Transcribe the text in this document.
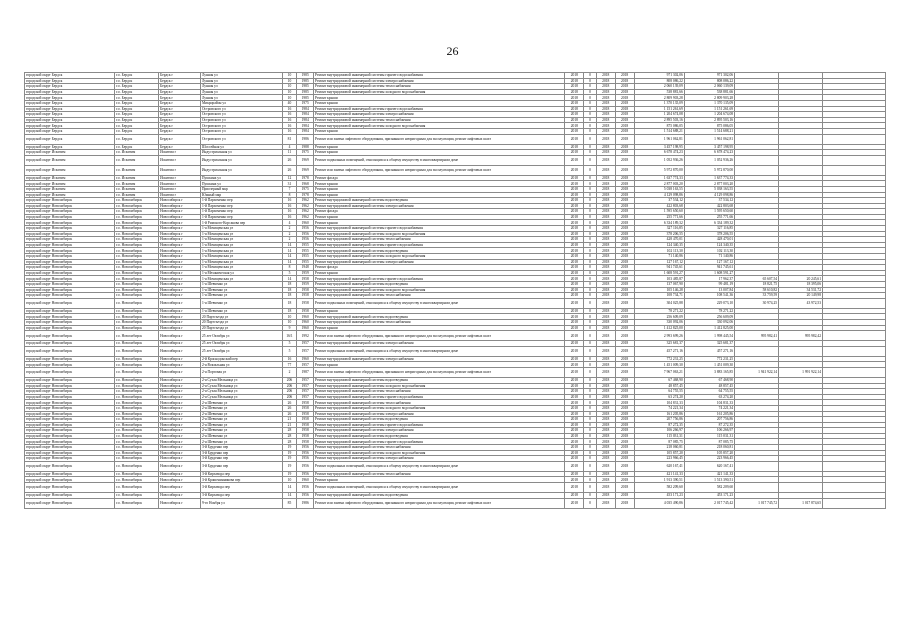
26
городской округ Бердск	г.о. Бердск	Бердск г	Лунная ул	10	1985	Ремонт внутридомовой инженерной системы горячего водоснабжения	2018	0	2018	2018	971 302,06	971 302,06			
городской округ Бердск	г.о. Бердск	Бердск г	Лунная ул	10	1985	Ремонт внутридомовой инженерной системы электроснабжения	2018	0	2018	2018	808 086,22	808 086,22			
городской округ Бердск	г.о. Бердск	Бердск г	Лунная ул	10	1985	Ремонт внутридомовой инженерной системы теплоснабжения	2018	0	2018	2018	2 060 139,09	2 060 139,09			
городской округ Бердск	г.о. Бердск	Бердск г	Лунная ул	10	1985	Ремонт внутридомовой инженерной системы холодного водоснабжения	2018	0	2018	2018	538 881,66	538 881,66			
городской округ Бердск	г.о. Бердск	Бердск г	Лунная ул	10	1985	Ремонт крыши	2018	0	2018	2018	2 809 903,28	2 809 903,28			
городской округ Бердск	г.о. Бердск	Бердск г	Микрорайон ул	40	1975	Ремонт крыши	2018	0	2018	2018	1 370 135,09	1 370 135,09			
городской округ Бердск	г.о. Бердск	Бердск г	Островского ул	16	1984	Ремонт внутридомовой инженерной системы горячего водоснабжения	2018	0	2018	2018	1 151 261,69	1 151 261,69			
городской округ Бердск	г.о. Бердск	Бердск г	Островского ул	16	1984	Ремонт внутридомовой инженерной системы электроснабжения	2018	0	2018	2018	1 204 674,08	1 204 674,08			
городской округ Бердск	г.о. Бердск	Бердск г	Островского ул	16	1984	Ремонт внутридомовой инженерной системы теплоснабжения	2018	0	2018	2018	2 895 503,16	2 895 503,16			
городской округ Бердск	г.о. Бердск	Бердск г	Островского ул	16	1984	Ремонт внутридомовой инженерной системы холодного водоснабжения	2018	0	2018	2018	875 086,05	875 086,05			
городской округ Бердск	г.о. Бердск	Бердск г	Островского ул	16	1984	Ремонт крыши	2018	0	2018	2018	1 514 688,21	1 514 688,21			
городской округ Бердск	г.о. Бердск	Бердск г	Островского ул	81	1986	Ремонт или замена лифтового оборудования, признанного непригодным для эксплуатации, ремонт лифтовых шахт	2018	0	2018	2018	1 961 062,81	1 961 062,81			
городской округ Бердск	г.о. Бердск	Бердск г	Шосcейная ул	4	1988	Ремонт крыши	2018	0	2018	2018	3 457 198,95	3 457 198,95			
городской округ Искитим	г.о. Искитим	Искитим г	Индустриальная ул	11	1975	Ремонт крыши	2018	0	2018	2018	6 678 474,23	6 678 474,23			
городской округ Искитим	г.о. Искитим	Искитим г	Индустриальная ул	26	1969	Ремонт подвальных помещений, относящихся к общему имуществу в многоквартирном доме	2018	0	2018	2018	1 052 936,26	1 052 936,26			
городской округ Искитим	г.о. Искитим	Искитим г	Индустриальная ул	26	1969	Ремонт или замена лифтового оборудования, признанного непригодным для эксплуатации, ремонт лифтовых шахт	2018	0	2018	2018	5 972 870,00	5 972 870,00			
городской округ Искитим	г.о. Искитим	Искитим г	Пушкина ул	12	1978	Ремонт фасада	2018	0	2018	2018	1 637 774,33	1 637 774,33			
городской округ Искитим	г.о. Искитим	Искитим г	Пушкина ул	31	1968	Ремонт крыши	2018	0	2018	2018	2 877 003,20	2 877 003,20			
городской округ Искитим	г.о. Искитим	Искитим г	Приозерный мкр	7	1975	Ремонт крыши	2018	0	2018	2018	5 038 163,55	5 038 163,55			
городской округ Искитим	г.о. Искитим	Искитим г	Южный мкр	8	1978	Ремонт крыши	2018	0	2018	2018	4 129 098,86	4 129 098,86			
городской округ Новосибирск	г.о. Новосибирск	Новосибирск г	1-й Пархоменко пер	16	1962	Ремонт внутридомовой инженерной системы водоотведения	2018	0	2018	2018	37 534,12	37 534,12			
городской округ Новосибирск	г.о. Новосибирск	Новосибирск г	1-й Пархоменко пер	16	1962	Ремонт внутридомовой инженерной системы электроснабжения	2018	0	2018	2018	422 803,68	422 803,68			
городской округ Новосибирск	г.о. Новосибирск	Новосибирск г	1-й Пархоменко пер	16	1962	Ремонт фасада	2018	0	2018	2018	1 595 650,60	1 595 650,60			
городской округ Новосибирск	г.о. Новосибирск	Новосибирск г	1-й Пархоменко пер	16	1962	Ремонт крыши	2018	0	2018	2018	255 771,66	255 771,66			
городской округ Новосибирск	г.о. Новосибирск	Новосибирск г	1-й Римского-Корсакова пер	4	1960	Ремонт крыши	2018	0	2018	2018	6 334 189,32	6 334 189,32			
городской округ Новосибирск	г.о. Новосибирск	Новосибирск г	1-я Мочищенская ул	2	1956	Ремонт внутридомовой инженерной системы горячего водоснабжения	2018	0	2018	2018	327 116,85	327 116,85			
городской округ Новосибирск	г.о. Новосибирск	Новосибирск г	1-я Мочищенская ул	2	1956	Ремонт внутридомовой инженерной системы холодного водоснабжения	2018	0	2018	2018	378 206,55	378 206,55			
городской округ Новосибирск	г.о. Новосибирск	Новосибирск г	1-я Мочищенская ул	2	1956	Ремонт внутридомовой инженерной системы теплоснабжения	2018	0	2018	2018	428 470,01	428 470,01			
городской округ Новосибирск	г.о. Новосибирск	Новосибирск г	1-я Мочищенская ул	14	1955	Ремонт внутридомовой инженерной системы горячего водоснабжения	2018	0	2018	2018	124 340,35	124 340,35			
городской округ Новосибирск	г.о. Новосибирск	Новосибирск г	1-я Мочищенская ул	14	1955	Ремонт внутридомовой инженерной системы водоотведения	2018	0	2018	2018	102 113,30	102 113,30			
городской округ Новосибирск	г.о. Новосибирск	Новосибирск г	1-я Мочищенская ул	14	1955	Ремонт внутридомовой инженерной системы холодного водоснабжения	2018	0	2018	2018	71 140,86	71 140,86			
городской округ Новосибирск	г.о. Новосибирск	Новосибирск г	1-я Мочищенская ул	14	1955	Ремонт внутридомовой инженерной системы электроснабжения	2018	0	2018	2018	127 167,12	127 167,12			
городской округ Новосибирск	г.о. Новосибирск	Новосибирск г	1-я Мочищенская ул	8	1948	Ремонт фасада	2018	0	2018	2018	941 745,61	941 745,61			
городской округ Новосибирск	г.о. Новосибирск	Новосибирск г	1-я Механическая ул	5	1959	Ремонт крыши	2018	0	2018	2018	1 608 591,27	1 608 591,27			
городской округ Новосибирск	г.о. Новосибирск	Новосибирск г	1-я Мочищенская ул	14	1958	Ремонт внутридомовой инженерной системы горячего водоснабжения	2018	0	2018	2018	103 485,87	17 962,37	65 607,54	20 245,61	
городской округ Новосибирск	г.о. Новосибирск	Новосибирск г	1-я Шевченко ул	18	1959	Ремонт внутридомовой инженерной системы водоотведения	2018	0	2018	2018	137 067,90	99 481,19	18 821,75	18 395,06	
городской округ Новосибирск	г.о. Новосибирск	Новосибирск г	1-я Шевченко ул	18	1958	Ремонт внутридомовой инженерной системы холодного водоснабжения	2018	0	2018	2018	105 146,28	13 007,84	58 610,82	34 531,72	
городской округ Новосибирск	г.о. Новосибирск	Новосибирск г	1-я Шевченко ул	18	1958	Ремонт внутридомовой инженерной системы теплоснабжения	2018	0	2018	2018	108 734,71	108 541,36	33 759,59	20 149,98	
городской округ Новосибирск	г.о. Новосибирск	Новосибирск г	1-я Шевченко ул	18	1958	Ремонт подвальных помещений, относящихся к общему имуществу в многоквартирном доме	2018	0	2018	2018	304 025,88	229 073,10	30 974,25	43 972,53	
городской округ Новосибирск	г.о. Новосибирск	Новосибирск г	1-я Шевченко ул	18	1958	Ремонт крыши	2018	0	2018	2018	78 271,22	78 271,22			
городской округ Новосибирск	г.о. Новосибирск	Новосибирск г	20 Партсъезда ул	10	1960	Ремонт внутридомовой инженерной системы водоотведения	2018	0	2018	2018	256 609,09	256 609,09			
городской округ Новосибирск	г.о. Новосибирск	Новосибирск г	20 Партсъезда ул	10	1960	Ремонт внутридомовой инженерной системы теплоснабжения	2018	0	2018	2018	330 092,06	330 092,06			
городской округ Новосибирск	г.о. Новосибирск	Новосибирск г	20 Партсъезда ул	9	1960	Ремонт крыши	2018	0	2018	2018	1 412 825,00	1 412 825,00			
городской округ Новосибирск	г.о. Новосибирск	Новосибирск г	25 лет Октября ул	16/1	1992	Ремонт или замена лифтового оборудования, признанного непригодным для эксплуатации, ремонт лифтовых шахт	2018	0	2018	2018	2 993 699,26	1 998 445,54	995 982,41	995 982,42	
городской округ Новосибирск	г.о. Новосибирск	Новосибирск г	25 лет Октября ул	5	1957	Ремонт внутридомовой инженерной системы электроснабжения	2018	0	2018	2018	325 681,37	325 681,37			
городской округ Новосибирск	г.о. Новосибирск	Новосибирск г	25 лет Октября ул	5	1957	Ремонт подвальных помещений, относящихся к общему имуществу в многоквартирном доме	2018	0	2018	2018	457 271,16	457 271,16			
городской округ Новосибирск	г.о. Новосибирск	Новосибирск г	2-й Краснодонский пер	16	1960	Ремонт внутридомовой инженерной системы электроснабжения	2018	0	2018	2018	772 231,25	772 231,25			
городской округ Новосибирск	г.о. Новосибирск	Новосибирск г	2-я Вокзальная ул	77	1957	Ремонт крыши	2018	0	2018	2018	1 451 009,30	1 451 009,30			
городской округ Новосибирск	г.о. Новосибирск	Новосибирск г	2-я Портовая ул	2	1987	Ремонт или замена лифтового оборудования, признанного непригодным для эксплуатации, ремонт лифтовых шахт	2018	0	2018	2018	7 967 063,21	3 883 165,85	1 941 922,14	1 991 922,14	
городской округ Новосибирск	г.о. Новосибирск	Новосибирск г	2-я Сухая Мельница ул	206	1957	Ремонт внутридомовой инженерной системы водоотведения	2018	0	2018	2018	67 468,90	67 468,90			
городской округ Новосибирск	г.о. Новосибирск	Новосибирск г	2-я Сухая Мельница ул	206	1957	Ремонт внутридомовой инженерной системы холодного водоснабжения	2018	0	2018	2018	48 857,45	48 857,45			
городской округ Новосибирск	г.о. Новосибирск	Новосибирск г	2-я Сухая Мельница ул	206	1957	Ремонт внутридомовой инженерной системы теплоснабжения	2018	0	2018	2018	64 755,55	64 755,55			
городской округ Новосибирск	г.о. Новосибирск	Новосибирск г	2-я Сухая Мельница ул	206	1957	Ремонт внутридомовой инженерной системы горячего водоснабжения	2018	0	2018	2018	63 274,20	63 274,20			
городской округ Новосибирск	г.о. Новосибирск	Новосибирск г	2-я Шевченко ул	26	1958	Ремонт внутридомовой инженерной системы теплоснабжения	2018	0	2018	2018	104 831,33	104 831,33			
городской округ Новосибирск	г.о. Новосибирск	Новосибирск г	2-я Шевченко ул	26	1958	Ремонт внутридомовой инженерной системы холодного водоснабжения	2018	0	2018	2018	74 221,34	74 221,34			
городской округ Новосибирск	г.о. Новосибирск	Новосибирск г	2-я Шевченко ул	26	1958	Ремонт внутридомовой инженерной системы электроснабжения	2018	0	2018	2018	161 205,86	161 205,86			
городской округ Новосибирск	г.о. Новосибирск	Новосибирск г	2-я Шевченко ул	21	1958	Ремонт внутридомовой инженерной системы водоотведения	2018	0	2018	2018	207 756,86	207 756,86			
городской округ Новосибирск	г.о. Новосибирск	Новосибирск г	2-я Шевченко ул	21	1958	Ремонт внутридомовой инженерной системы горячего водоснабжения	2018	0	2018	2018	87 272,35	87 272,35			
городской округ Новосибирск	г.о. Новосибирск	Новосибирск г	2-я Шевченко ул	28	1958	Ремонт внутридомовой инженерной системы электроснабжения	2018	0	2018	2018	106 266,97	106 266,97			
городской округ Новосибирск	г.о. Новосибирск	Новосибирск г	2-я Шевченко ул	28	1958	Ремонт внутридомовой инженерной системы водоотведения	2018	0	2018	2018	115 031,31	115 031,31			
городской округ Новосибирск	г.о. Новосибирск	Новосибирск г	2-я Шевченко ул	28	1958	Ремонт внутридомовой инженерной системы горячего водоснабжения	2018	0	2018	2018	87 085,75	87 085,75			
городской округ Новосибирск	г.о. Новосибирск	Новосибирск г	3-й Бурденко пер	19	1956	Ремонт внутридомовой инженерной системы теплоснабжения	2018	0	2018	2018	218 060,81	218 060,81			
городской округ Новосибирск	г.о. Новосибирск	Новосибирск г	3-й Бурденко пер	19	1956	Ремонт внутридомовой инженерной системы холодного водоснабжения	2018	0	2018	2018	105 857,20	105 857,20			
городской округ Новосибирск	г.о. Новосибирск	Новосибирск г	3-й Бурденко пер	19	1956	Ремонт внутридомовой инженерной системы электроснабжения	2018	0	2018	2018	223 966,45	223 966,45			
городской округ Новосибирск	г.о. Новосибирск	Новосибирск г	3-й Бурденко пер	19	1956	Ремонт подвальных помещений, относящихся к общему имуществу в многоквартирном доме	2018	0	2018	2018	620 167,41	620 167,41			
городской округ Новосибирск	г.о. Новосибирск	Новосибирск г	3-й Кирзавода пер	19	1956	Ремонт внутридомовой инженерной системы теплоснабжения	2018	0	2018	2018	421 141,33	421 141,33			
городской округ Новосибирск	г.о. Новосибирск	Новосибирск г	3-й Крашенинникова пер	10	1960	Ремонт крыши	2018	0	2018	2018	1 913 390,51	1 513 390,51			
городской округ Новосибирск	г.о. Новосибирск	Новосибирск г	3-й Кирзавода пер	14	1956	Ремонт подвальных помещений, относящихся к общему имуществу в многоквартирном доме	2018	0	2018	2018	582 209,60	582 209,60			
городской округ Новосибирск	г.о. Новосибирск	Новосибирск г	3-й Кирзавода пер	14	1956	Ремонт внутридомовой инженерной системы водоотведения	2018	0	2018	2018	453 171,23	453 171,23			
городской округ Новосибирск	г.о. Новосибирск	Новосибирск г	9-го Ноября ул	85	1986	Ремонт или замена лифтового оборудования, признанного непригодным для эксплуатации, ремонт лифтовых шахт	2018	0	2018	2018	4 035 490,86	2 017 745,42	1 017 745,72	1 017 874,65	
